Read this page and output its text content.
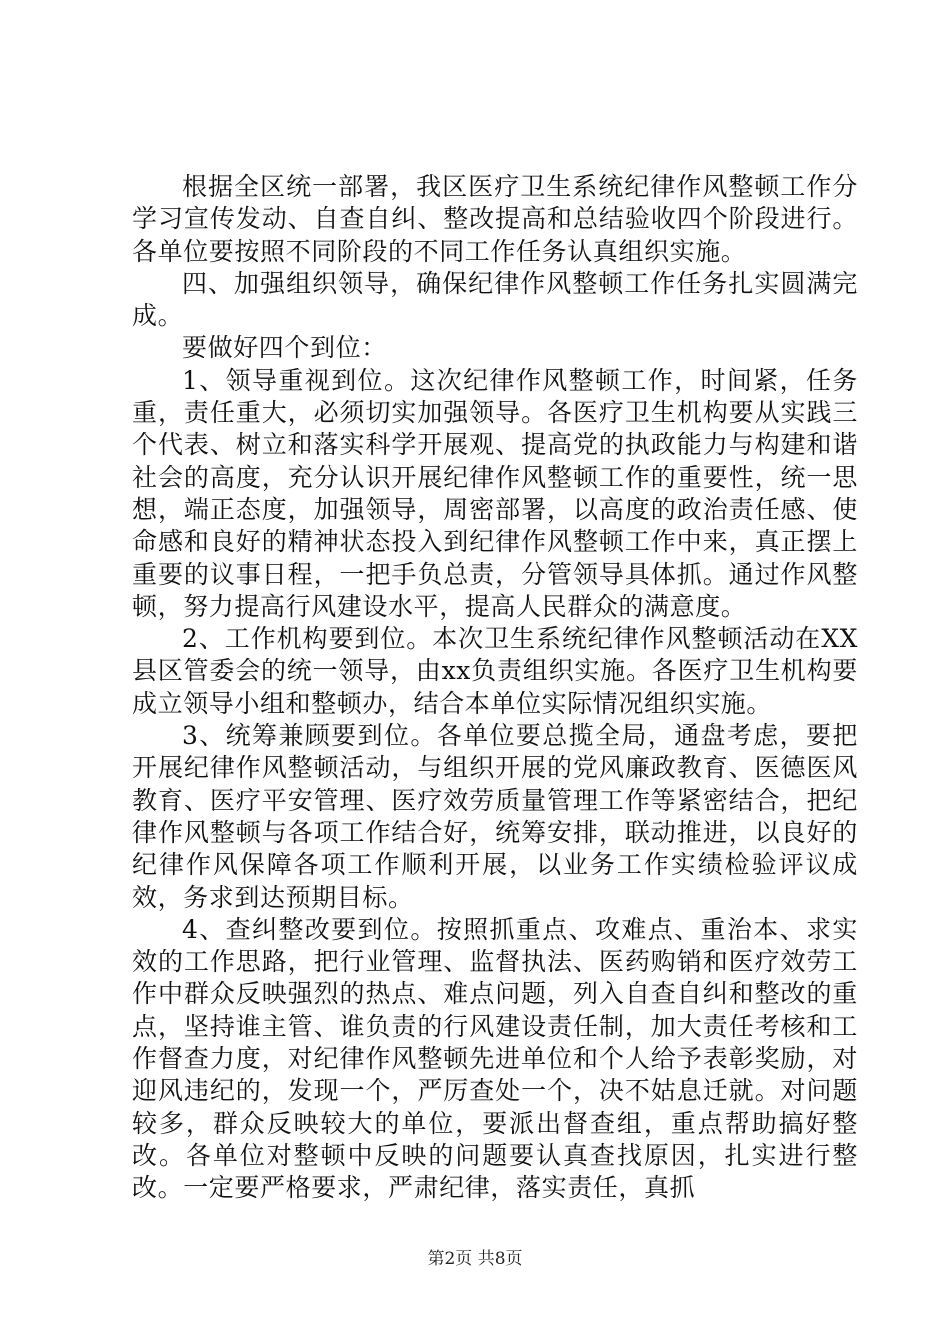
根据全区统一部署，我区医疗卫生系统纪律作风整顿工作分学习宣传发动、自查自纠、整改提高和总结验收四个阶段进行。各单位要按照不同阶段的不同工作任务认真组织实施。

四、加强组织领导，确保纪律作风整顿工作任务扎实圆满完成。

要做好四个到位：

1、领导重视到位。这次纪律作风整顿工作，时间紧，任务重，责任重大，必须切实加强领导。各医疗卫生机构要从实践三个代表、树立和落实科学开展观、提高党的执政能力与构建和谐社会的高度，充分认识开展纪律作风整顿工作的重要性，统一思想，端正态度，加强领导，周密部署，以高度的政治责任感、使命感和良好的精神状态投入到纪律作风整顿工作中来，真正摆上重要的议事日程，一把手负总责，分管领导具体抓。通过作风整顿，努力提高行风建设水平，提高人民群众的满意度。

2、工作机构要到位。本次卫生系统纪律作风整顿活动在XX县区管委会的统一领导，由xx负责组织实施。各医疗卫生机构要成立领导小组和整顿办，结合本单位实际情况组织实施。

3、统筹兼顾要到位。各单位要总揽全局，通盘考虑，要把开展纪律作风整顿活动，与组织开展的党风廉政教育、医德医风教育、医疗平安管理、医疗效劳质量管理工作等紧密结合，把纪律作风整顿与各项工作结合好，统筹安排，联动推进，以良好的纪律作风保障各项工作顺利开展，以业务工作实绩检验评议成效，务求到达预期目标。

4、查纠整改要到位。按照抓重点、攻难点、重治本、求实效的工作思路，把行业管理、监督执法、医药购销和医疗效劳工作中群众反映强烈的热点、难点问题，列入自查自纠和整改的重点，坚持谁主管、谁负责的行风建设责任制，加大责任考核和工作督查力度，对纪律作风整顿先进单位和个人给予表彰奖励，对迎风违纪的，发现一个，严厉查处一个，决不姑息迁就。对问题较多，群众反映较大的单位，要派出督查组，重点帮助搞好整改。各单位对整顿中反映的问题要认真查找原因，扎实进行整改。一定要严格要求，严肃纪律，落实责任，真抓

第2页 共8页
